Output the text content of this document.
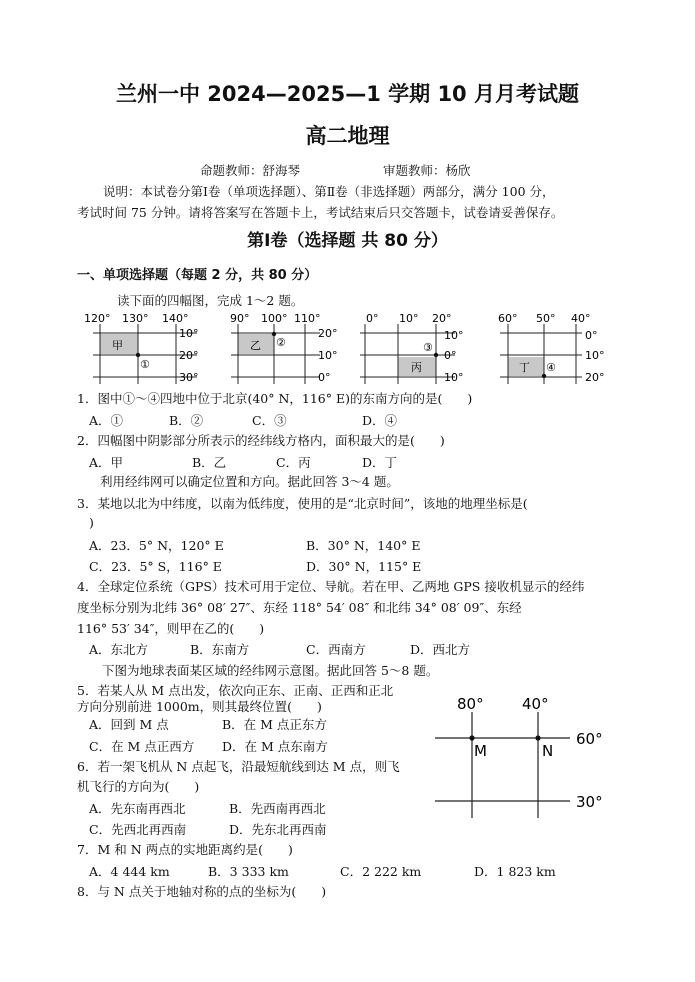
兰州一中 2024—2025—1 学期 10 月月考试题
高二地理
命题教师：舒海琴	审题教师：杨欣
说明：本试卷分第Ⅰ卷（单项选择题）、第Ⅱ卷（非选择题）两部分，满分 100 分，
考试时间 75 分钟。请将答案写在答题卡上，考试结束后只交答题卡，试卷请妥善保存。
第Ⅰ卷（选择题 共 80 分）
一、单项选择题（每题 2 分，共 80 分）
读下面的四幅图，完成 1～2 题。
120° 130° 140°
10°
20°
30°
甲
①
90° 100° 110°
20°
10°
0°
乙 ②
0° 10° 20°
10°
0°
10°
丙
③
60° 50° 40°
0°
10°
20°
丁 ④
1．图中①～④四地中位于北京(40° N，116° E)的东南方向的是(　　)
A．①	B．②	C．③	D．④
2．四幅图中阴影部分所表示的经纬线方格内，面积最大的是(　　)
A．甲	B．乙	C．丙	D．丁
利用经纬网可以确定位置和方向。据此回答 3～4 题。
3．某地以北为中纬度，以南为低纬度，使用的是“北京时间”，该地的地理坐标是(
)
A．23．5° N，120° E	B．30° N，140° E
C．23．5° S，116° E	D．30° N，115° E
4．全球定位系统（GPS）技术可用于定位、导航。若在甲、乙两地 GPS 接收机显示的经纬
度坐标分别为北纬 36° 08′ 27″、东经 118° 54′ 08″ 和北纬 34° 08′ 09″、东经
116° 53′ 34″，则甲在乙的(　　)
A．东北方	B．东南方	C．西南方	D．西北方
下图为地球表面某区域的经纬网示意图。据此回答 5～8 题。
5．若某人从 M 点出发，依次向正东、正南、正西和正北
方向分别前进 1000m，则其最终位置(　　)
A．回到 M 点	B．在 M 点正东方
C．在 M 点正西方 D．在 M 点东南方
6．若一架飞机从 N 点起飞，沿最短航线到达 M 点，则飞
机飞行的方向为(　　)
A．先东南再西北	B．先西南再西北
C．先西北再西南	D．先东北再西南
7．M 和 N 两点的实地距离约是(　　)
A．4 444 km	B．3 333 km	C．2 222 km	D．1 823 km
8．与 N 点关于地轴对称的点的坐标为(　　)
80°	40°
60°
30°
M	N
